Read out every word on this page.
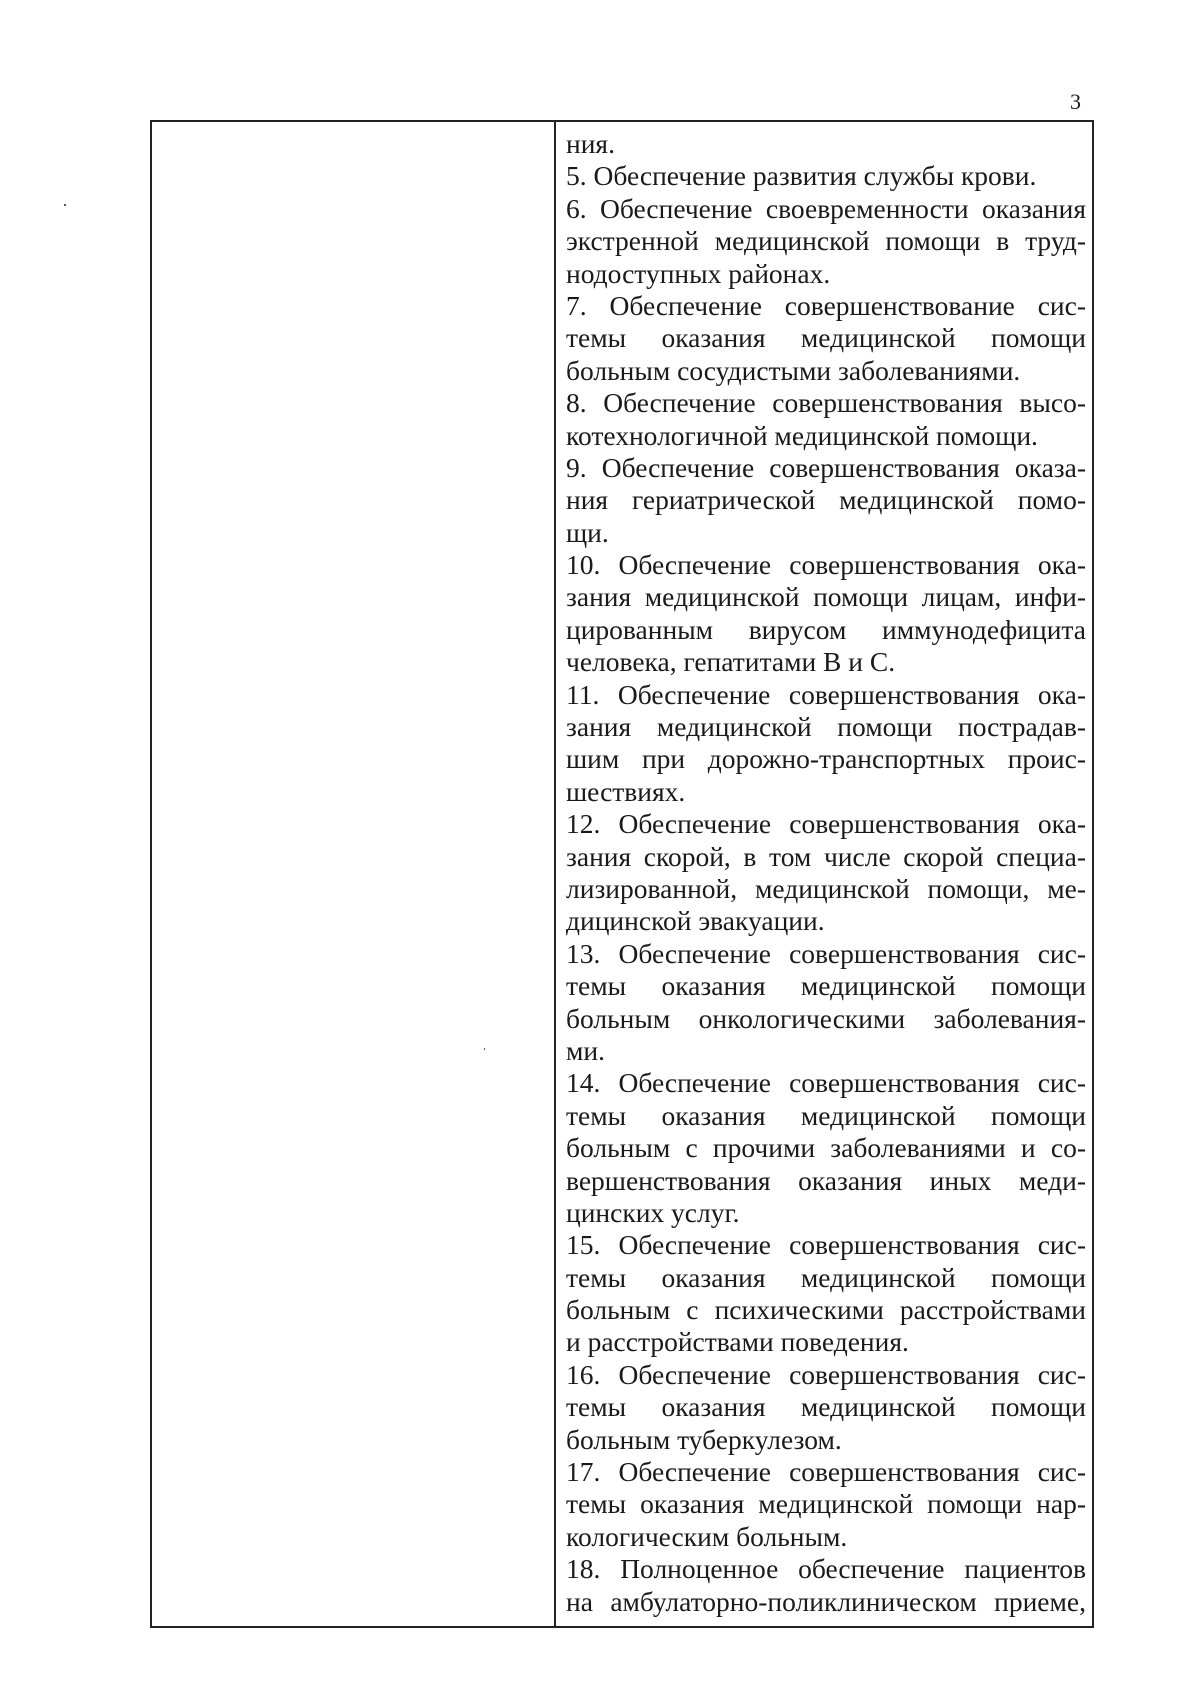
3
ния.
5. Обеспечение развития службы крови.
6. Обеспечение своевременности оказания
экстренной медицинской помощи в труд-
нодоступных районах.
7. Обеспечение совершенствование сис-
темы оказания медицинской помощи
больным сосудистыми заболеваниями.
8. Обеспечение совершенствования высо-
котехнологичной медицинской помощи.
9. Обеспечение совершенствования оказа-
ния гериатрической медицинской помо-
щи.
10. Обеспечение совершенствования ока-
зания медицинской помощи лицам, инфи-
цированным вирусом иммунодефицита
человека, гепатитами В и С.
11. Обеспечение совершенствования ока-
зания медицинской помощи пострадав-
шим при дорожно-транспортных проис-
шествиях.
12. Обеспечение совершенствования ока-
зания скорой, в том числе скорой специа-
лизированной, медицинской помощи, ме-
дицинской эвакуации.
13. Обеспечение совершенствования сис-
темы оказания медицинской помощи
больным онкологическими заболевания-
ми.
14. Обеспечение совершенствования сис-
темы оказания медицинской помощи
больным с прочими заболеваниями и со-
вершенствования оказания иных меди-
цинских услуг.
15. Обеспечение совершенствования сис-
темы оказания медицинской помощи
больным с психическими расстройствами
и расстройствами поведения.
16. Обеспечение совершенствования сис-
темы оказания медицинской помощи
больным туберкулезом.
17. Обеспечение совершенствования сис-
темы оказания медицинской помощи нар-
кологическим больным.
18. Полноценное обеспечение пациентов
на амбулаторно-поликлиническом приеме,
